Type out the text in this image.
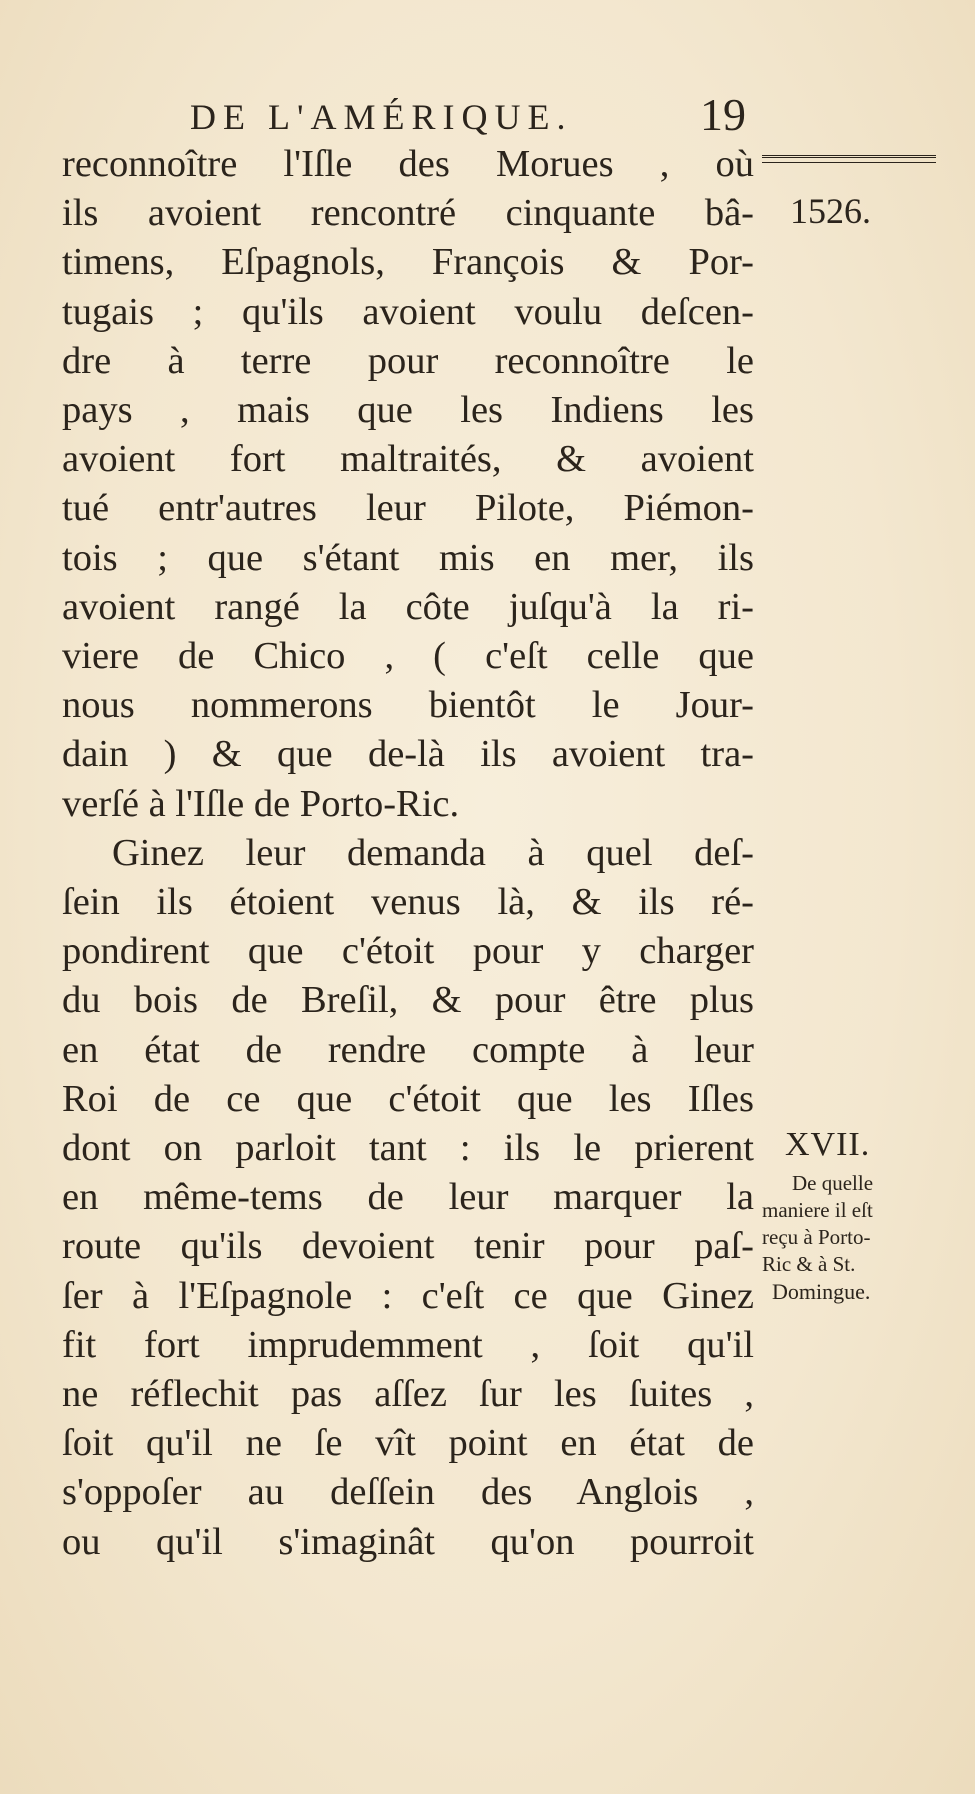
DE L'AMÉRIQUE.	19
1526.
reconnoître l'Iſle des Morues , où
ils avoient rencontré cinquante bâ-
timens, Eſpagnols, François & Por-
tugais ; qu'ils avoient voulu deſcen-
dre à terre pour reconnoître le
pays , mais que les Indiens les
avoient fort maltraités, & avoient
tué entr'autres leur Pilote, Piémon-
tois ; que s'étant mis en mer, ils
avoient rangé la côte juſqu'à la ri-
viere de Chico , ( c'eſt celle que
nous nommerons bientôt le Jour-
dain ) & que de-là ils avoient tra-
verſé à l'Iſle de Porto-Ric.
Ginez leur demanda à quel deſ-
ſein ils étoient venus là, & ils ré-
pondirent que c'étoit pour y charger
du bois de Breſil, & pour être plus
en état de rendre compte à leur
Roi de ce que c'étoit que les Iſles
dont on parloit tant : ils le prierent
en même-tems de leur marquer la
route qu'ils devoient tenir pour paſ-
ſer à l'Eſpagnole : c'eſt ce que Ginez
fit fort imprudemment , ſoit qu'il
ne réflechit pas aſſez ſur les ſuites ,
ſoit qu'il ne ſe vît point en état de
s'oppoſer au deſſein des Anglois ,
ou qu'il s'imaginât qu'on pourroit
XVII.
De quelle
maniere il eſt
reçu à Porto-
Ric & à St.
Domingue.
